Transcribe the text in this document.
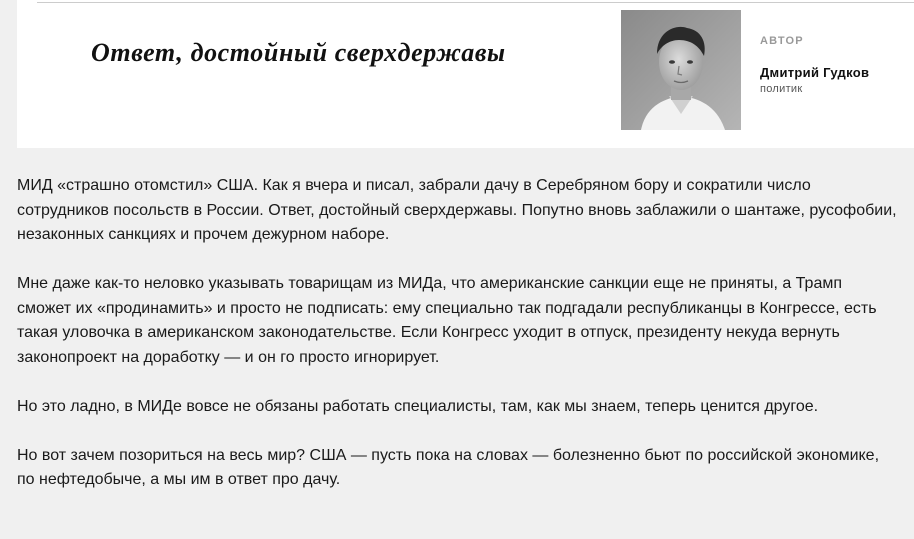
Ответ, достойный сверхдержавы	АВТОР
Дмитрий Гудков
политик

МИД «страшно отомстил» США. Как я вчера и писал, забрали дачу в Серебряном бору и сократили число сотрудников посольств в России. Ответ, достойный сверхдержавы. Попутно вновь заблажили о шантаже, русофобии, незаконных санкциях и прочем дежурном наборе.

Мне даже как-то неловко указывать товарищам из МИДа, что американские санкции еще не приняты, а Трамп сможет их «продинамить» и просто не подписать: ему специально так подгадали республиканцы в Конгрессе, есть такая уловочка в американском законодательстве. Если Конгресс уходит в отпуск, президенту некуда вернуть законопроект на доработку — и он го просто игнорирует.

Но это ладно, в МИДе вовсе не обязаны работать специалисты, там, как мы знаем, теперь ценится другое.

Но вот зачем позориться на весь мир? США — пусть пока на словах — болезненно бьют по российской экономике, по нефтедобыче, а мы им в ответ про дачу.
